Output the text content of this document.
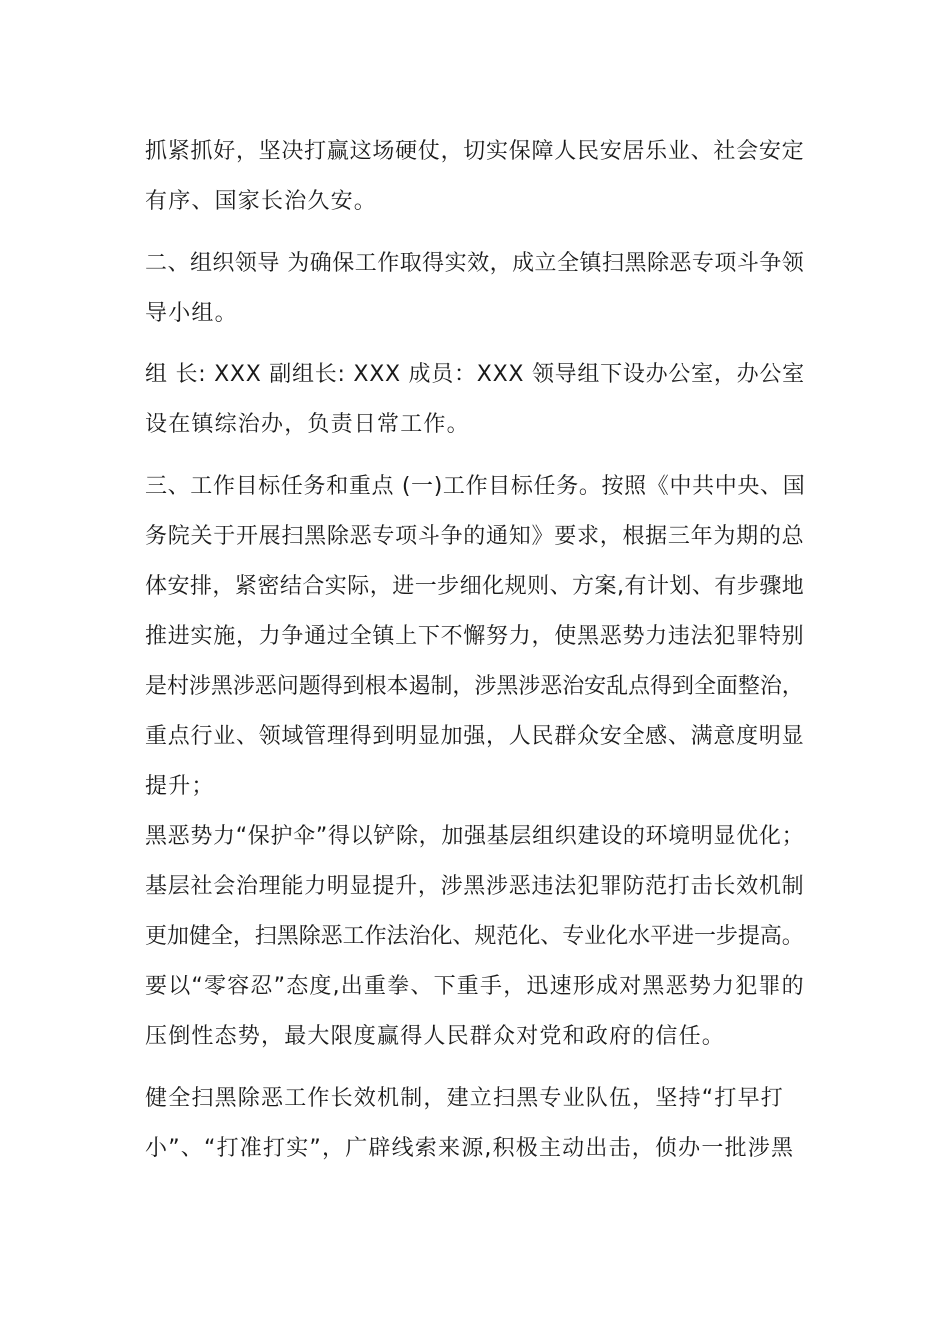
抓紧抓好，坚决打赢这场硬仗，切实保障人民安居乐业、社会安定
有序、国家长治久安。
二、组织领导 为确保工作取得实效，成立全镇扫黑除恶专项斗争领
导小组。
组 长: XXX 副组长: XXX 成员：XXX 领导组下设办公室，办公室
设在镇综治办，负责日常工作。
三、工作目标任务和重点 (一)工作目标任务。按照《中共中央、国
务院关于开展扫黑除恶专项斗争的通知》要求，根据三年为期的总
体安排，紧密结合实际，进一步细化规则、方案,有计划、有步骤地
推进实施，力争通过全镇上下不懈努力，使黑恶势力违法犯罪特别
是村涉黑涉恶问题得到根本遏制，涉黑涉恶治安乱点得到全面整治，
重点行业、领域管理得到明显加强，人民群众安全感、满意度明显
提升；
黑恶势力“保护伞”得以铲除，加强基层组织建设的环境明显优化；
基层社会治理能力明显提升，涉黑涉恶违法犯罪防范打击长效机制
更加健全，扫黑除恶工作法治化、规范化、专业化水平进一步提高。
要以“零容忍”态度,出重拳、下重手，迅速形成对黑恶势力犯罪的
压倒性态势，最大限度赢得人民群众对党和政府的信任。
健全扫黑除恶工作长效机制，建立扫黑专业队伍，坚持“打早打
小”、“打准打实”，广辟线索来源,积极主动出击，侦办一批涉黑
